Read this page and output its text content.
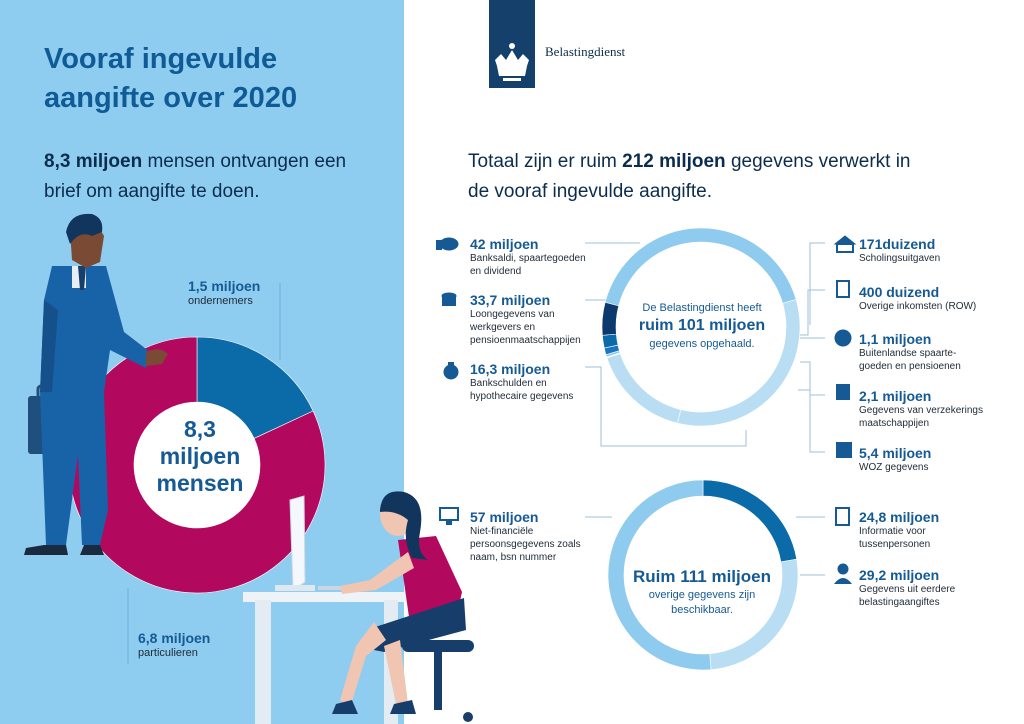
Vooraf ingevulde
aangifte over 2020
8,3 miljoen mensen ontvangen een
brief om aangifte te doen.
Belastingdienst
Totaal zijn er ruim 212 miljoen gegevens verwerkt in
de vooraf ingevulde aangifte.
1,5 miljoen
ondernemers
6,8 miljoen
particulieren
8,3
miljoen
mensen
De Belastingdienst heeft
ruim 101 miljoen
gegevens opgehaald.
Ruim 111 miljoen
overige gegevens zijn
beschikbaar.
42 miljoen
Banksaldi, spaartegoeden
en dividend
33,7 miljoen
Loongegevens van
werkgevers en
pensioenmaatschappijen
16,3 miljoen
Bankschulden en
hypothecaire gegevens
171duizend
Scholingsuitgaven
400 duizend
Overige inkomsten (ROW)
1,1 miljoen
Buitenlandse spaarte-
goeden en pensioenen
2,1 miljoen
Gegevens van verzekerings
maatschappijen
5,4 miljoen
WOZ gegevens
57 miljoen
Niet-financiële
persoonsgegevens zoals
naam, bsn nummer
24,8 miljoen
Informatie voor
tussenpersonen
29,2 miljoen
Gegevens uit eerdere
belastingaangiftes
